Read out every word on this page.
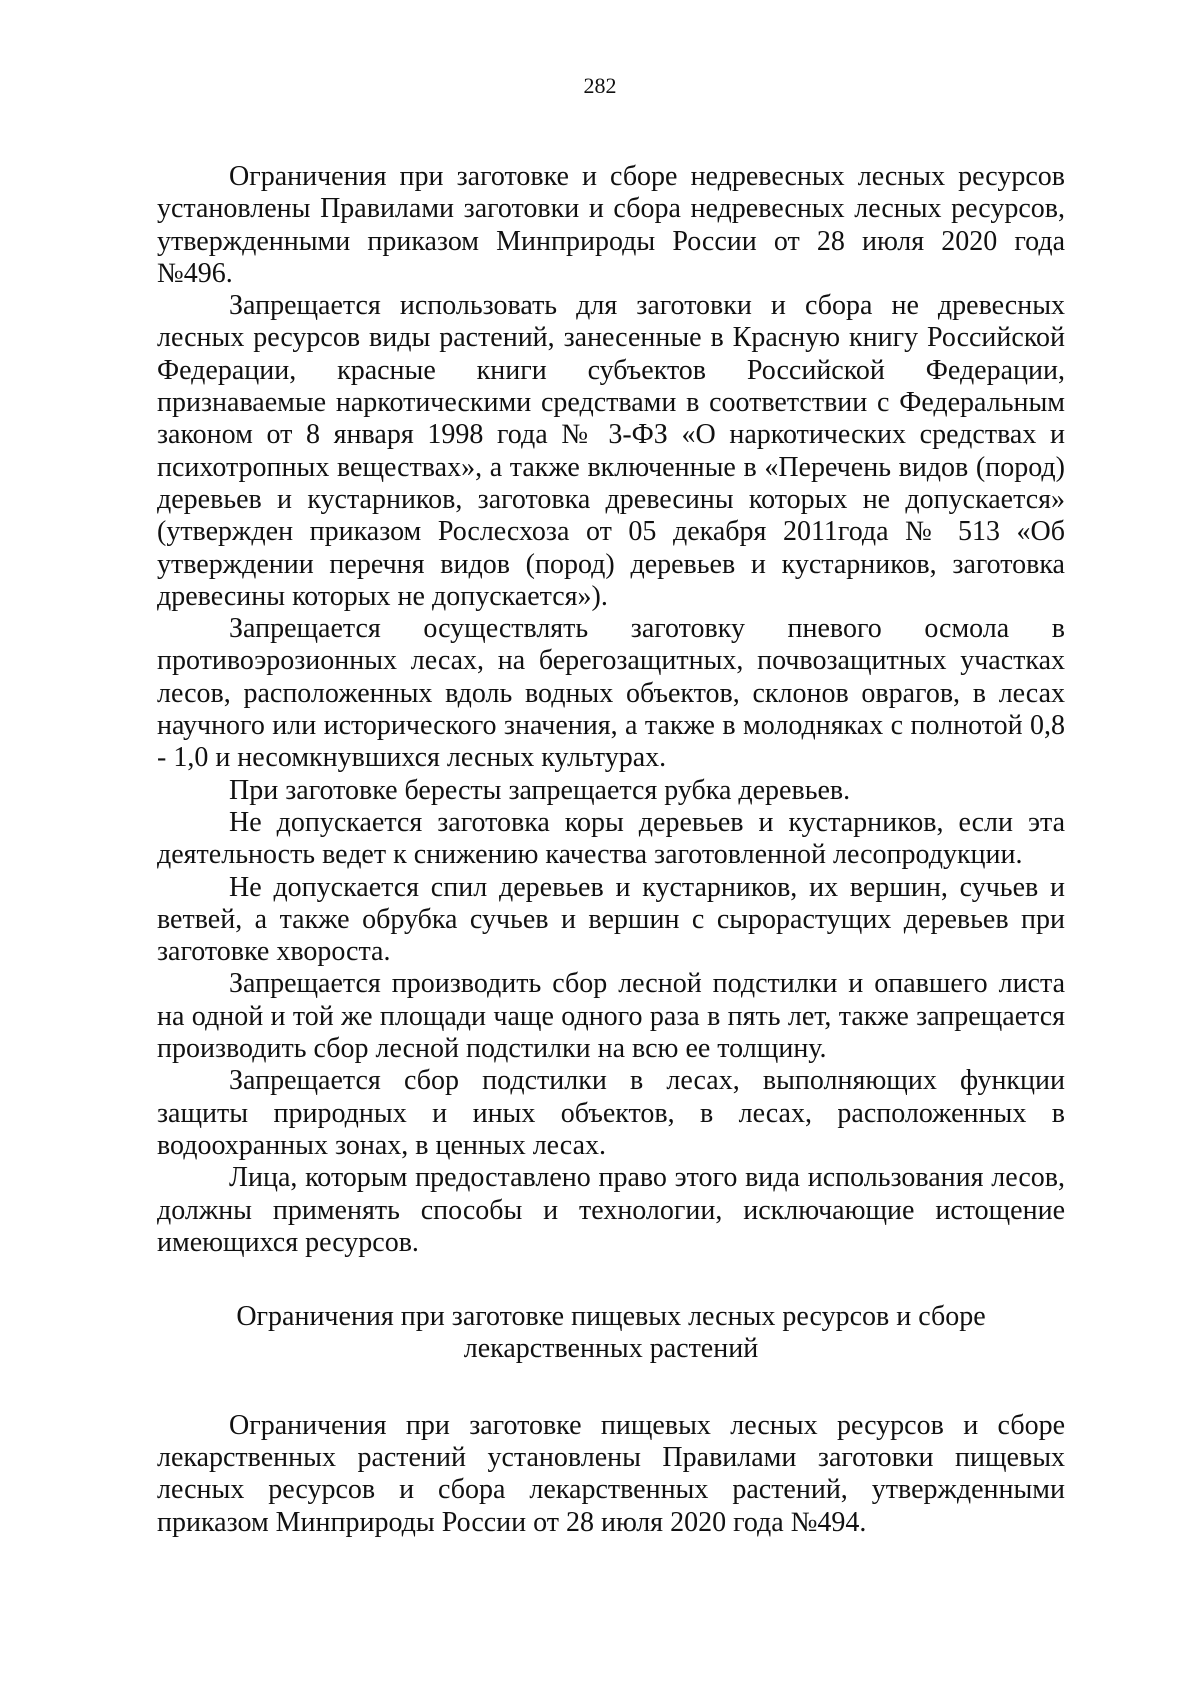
282

Ограничения при заготовке и сборе недревесных лесных ресурсов установлены Правилами заготовки и сбора недревесных лесных ресурсов, утвержденными приказом Минприроды России от 28 июля 2020 года №496.

Запрещается использовать для заготовки и сбора не древесных лесных ресурсов виды растений, занесенные в Красную книгу Российской Федерации, красные книги субъектов Российской Федерации, признаваемые наркотическими средствами в соответствии с Федеральным законом от 8 января 1998 года № 3-ФЗ «О наркотических средствах и психотропных веществах», а также включенные в «Перечень видов (пород) деревьев и кустарников, заготовка древесины которых не допускается» (утвержден приказом Рослесхоза от 05 декабря 2011года № 513 «Об утверждении перечня видов (пород) деревьев и кустарников, заготовка древесины которых не допускается»).

Запрещается осуществлять заготовку пневого осмола в противоэрозионных лесах, на берегозащитных, почвозащитных участках лесов, расположенных вдоль водных объектов, склонов оврагов, в лесах научного или исторического значения, а также в молодняках с полнотой 0,8 - 1,0 и несомкнувшихся лесных культурах.

При заготовке бересты запрещается рубка деревьев.

Не допускается заготовка коры деревьев и кустарников, если эта деятельность ведет к снижению качества заготовленной лесопродукции.

Не допускается спил деревьев и кустарников, их вершин, сучьев и ветвей, а также обрубка сучьев и вершин с сырорастущих деревьев при заготовке хвороста.

Запрещается производить сбор лесной подстилки и опавшего листа на одной и той же площади чаще одного раза в пять лет, также запрещается производить сбор лесной подстилки на всю ее толщину.

Запрещается сбор подстилки в лесах, выполняющих функции защиты природных и иных объектов, в лесах, расположенных в водоохранных зонах, в ценных лесах.

Лица, которым предоставлено право этого вида использования лесов, должны применять способы и технологии, исключающие истощение имеющихся ресурсов.

Ограничения при заготовке пищевых лесных ресурсов и сборе
лекарственных растений

Ограничения при заготовке пищевых лесных ресурсов и сборе лекарственных растений установлены Правилами заготовки пищевых лесных ресурсов и сбора лекарственных растений, утвержденными приказом Минприроды России от 28 июля 2020 года №494.
